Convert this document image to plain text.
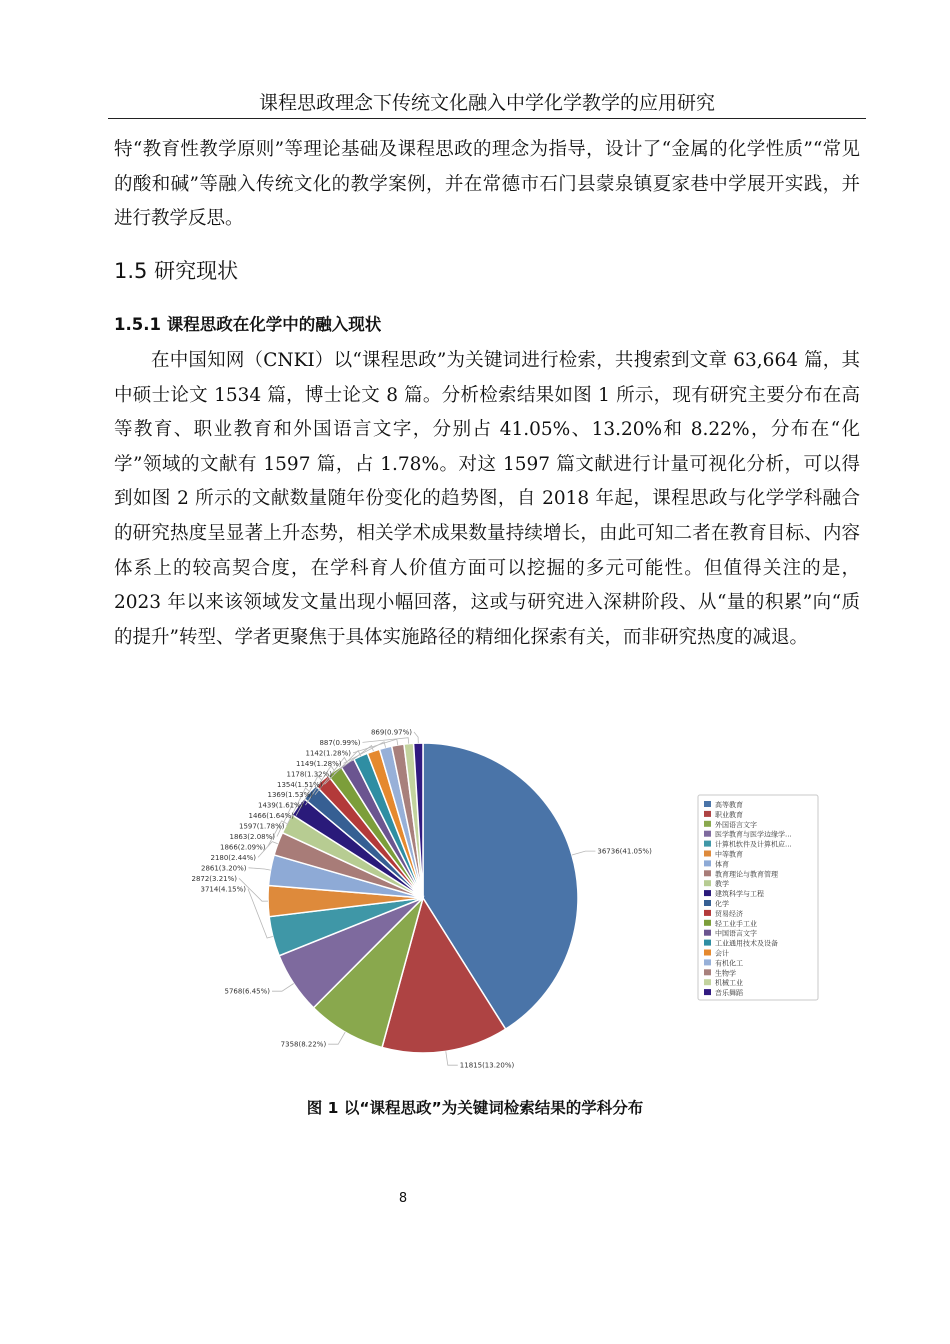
课程思政理念下传统文化融入中学化学教学的应用研究

特“教育性教学原则”等理论基础及课程思政的理念为指导，设计了“金属的化学性质”“常见的酸和碱”等融入传统文化的教学案例，并在常德市石门县蒙泉镇夏家巷中学展开实践，并进行教学反思。

1.5 研究现状
1.5.1 课程思政在化学中的融入现状

在中国知网（CNKI）以“课程思政”为关键词进行检索，共搜索到文章 63,664 篇，其中硕士论文 1534 篇，博士论文 8 篇。分析检索结果如图 1 所示，现有研究主要分布在高等教育、职业教育和外国语言文字，分别占 41.05%、13.20%和 8.22%，分布在“化学”领域的文献有 1597 篇，占 1.78%。对这 1597 篇文献进行计量可视化分析，可以得到如图 2 所示的文献数量随年份变化的趋势图，自 2018 年起，课程思政与化学学科融合的研究热度呈显著上升态势，相关学术成果数量持续增长，由此可知二者在教育目标、内容体系上的较高契合度，在学科育人价值方面可以挖掘的多元可能性。但值得关注的是，2023 年以来该领域发文量出现小幅回落，这或与研究进入深耕阶段、从“量的积累”向“质的提升”转型、学者更聚焦于具体实施路径的精细化探索有关，而非研究热度的减退。

36736(41.05%)
11815(13.20%)
7358(8.22%)
5768(6.45%)
3714(4.15%)
2872(3.21%)
2861(3.20%)
2180(2.44%)
1866(2.09%)
1863(2.08%)
1597(1.78%)
1466(1.64%)
1439(1.61%)
1369(1.53%)
1354(1.51%)
1178(1.32%)
1149(1.28%)
1142(1.28%)
887(0.99%)
869(0.97%)
高等教育
职业教育
外国语言文字
医学教育与医学边缘学...
计算机软件及计算机应...
中等教育
体育
教育理论与教育管理
教学
建筑科学与工程
化学
贸易经济
轻工业手工业
中国语言文字
工业通用技术及设备
会计
有机化工
生物学
机械工业
音乐舞蹈
图 1 以“课程思政”为关键词检索结果的学科分布
8
